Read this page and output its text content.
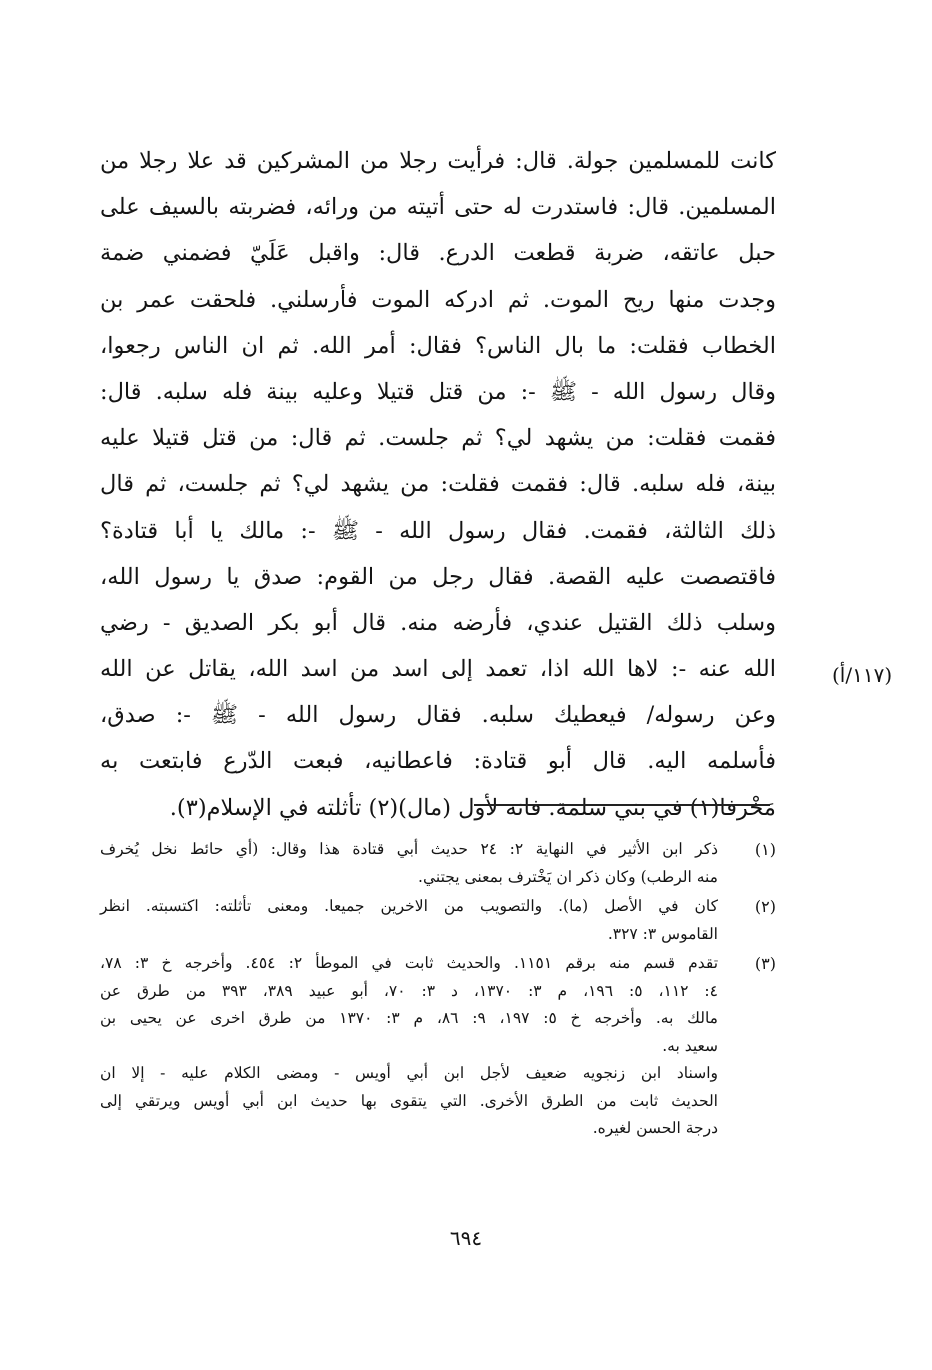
كانت للمسلمين جولة. قال: فرأيت رجلا من المشركين قد علا رجلا من
المسلمين. قال: فاستدرت له حتى أتيته من ورائه، فضربته بالسيف على
حبل عاتقه، ضربة قطعت الدرع. قال: واقبل عَلَيّ فضمني ضمة
وجدت منها ريح الموت. ثم ادركه الموت فأرسلني. فلحقت عمر بن
الخطاب فقلت: ما بال الناس؟ فقال: أمر الله. ثم ان الناس رجعوا،
وقال رسول الله - ﷺ -: من قتل قتيلا وعليه بينة فله سلبه. قال:
فقمت فقلت: من يشهد لي؟ ثم جلست. ثم قال: من قتل قتيلا عليه
بينة، فله سلبه. قال: فقمت فقلت: من يشهد لي؟ ثم جلست، ثم قال
ذلك الثالثة، فقمت. فقال رسول الله - ﷺ -: مالك يا أبا قتادة؟
فاقتصصت عليه القصة. فقال رجل من القوم: صدق يا رسول الله،
وسلب ذلك القتيل عندي، فأرضه منه. قال أبو بكر الصديق - رضي
الله عنه -: لاها الله اذا، تعمد إلى اسد من اسد الله، يقاتل عن الله
وعن رسوله/ فيعطيك سلبه. فقال رسول الله - ﷺ -: صدق،
فأسلمه اليه. قال أبو قتادة: فاعطانيه، فبعت الدّرع فابتعت به
مَخْرفا(١) في بني سلمة. فانه لأول (مال)(٢) تأثلته في الإسلام(٣).
(١١٧/أ)
(١)
ذكر ابن الأثير في النهاية ٢: ٢٤ حديث أبي قتادة هذا وقال: (أي حائط نخل يُخرف
منه الرطب) وكان ذكر ان يَخْترف بمعنى يجتني.
(٢)
كان في الأصل (ما). والتصويب من الاخرين جميعا. ومعنى تأثلته: اكتسبته. انظر
القاموس ٣: ٣٢٧.
(٣)
تقدم قسم منه برقم ١١٥١. والحديث ثابت في الموطأ ٢: ٤٥٤. وأخرجه خ ٣: ٧٨،
٤: ١١٢، ٥: ١٩٦، م ٣: ١٣٧٠، د ٣: ٧٠، أبو عبيد ٣٨٩، ٣٩٣ من طرق عن
مالك به. وأخرجه خ ٥: ١٩٧، ٩: ٨٦، م ٣: ١٣٧٠ من طرق اخرى عن يحيى بن
سعيد به.
واسناد ابن زنجويه ضعيف لأجل ابن أبي أويس - ومضى الكلام عليه - إلا ان
الحديث ثابت من الطرق الأخرى. التي يتقوى بها حديث ابن أبي أويس ويرتقي إلى
درجة الحسن لغيره.
٦٩٤
